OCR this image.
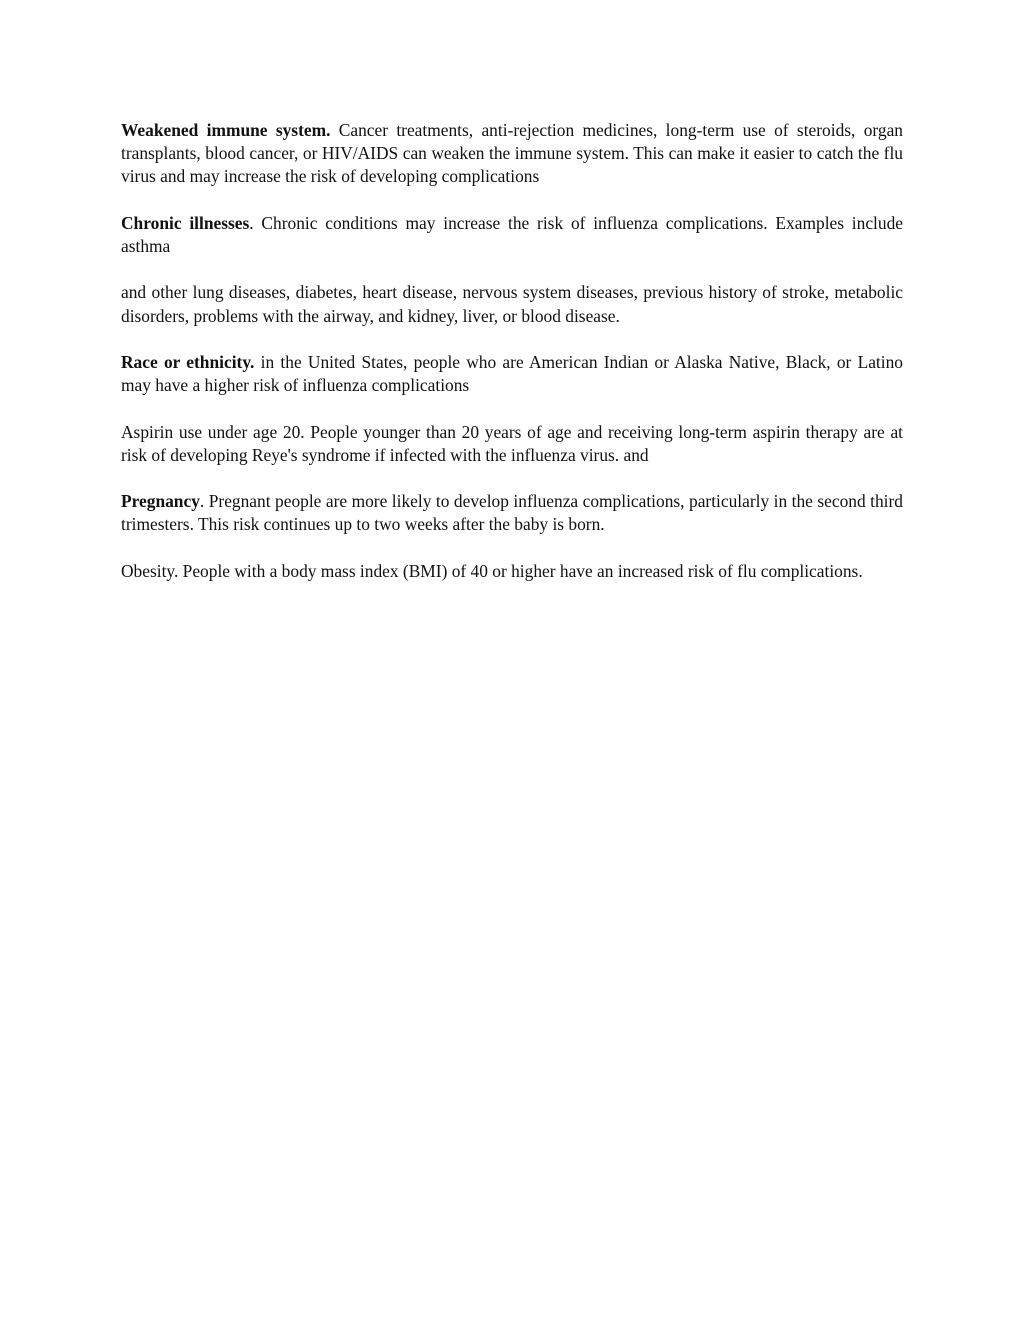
Weakened immune system. Cancer treatments, anti-rejection medicines, long-term use of steroids, organ transplants, blood cancer, or HIV/AIDS can weaken the immune system. This can make it easier to catch the flu virus and may increase the risk of developing complications

Chronic illnesses. Chronic conditions may increase the risk of influenza complications. Examples include asthma

and other lung diseases, diabetes, heart disease, nervous system diseases, previous history of stroke, metabolic disorders, problems with the airway, and kidney, liver, or blood disease.

Race or ethnicity. in the United States, people who are American Indian or Alaska Native, Black, or Latino may have a higher risk of influenza complications

Aspirin use under age 20. People younger than 20 years of age and receiving long-term aspirin therapy are at risk of developing Reye's syndrome if infected with the influenza virus. and

Pregnancy. Pregnant people are more likely to develop influenza complications, particularly in the second third trimesters. This risk continues up to two weeks after the baby is born.

Obesity. People with a body mass index (BMI) of 40 or higher have an increased risk of flu complications.
